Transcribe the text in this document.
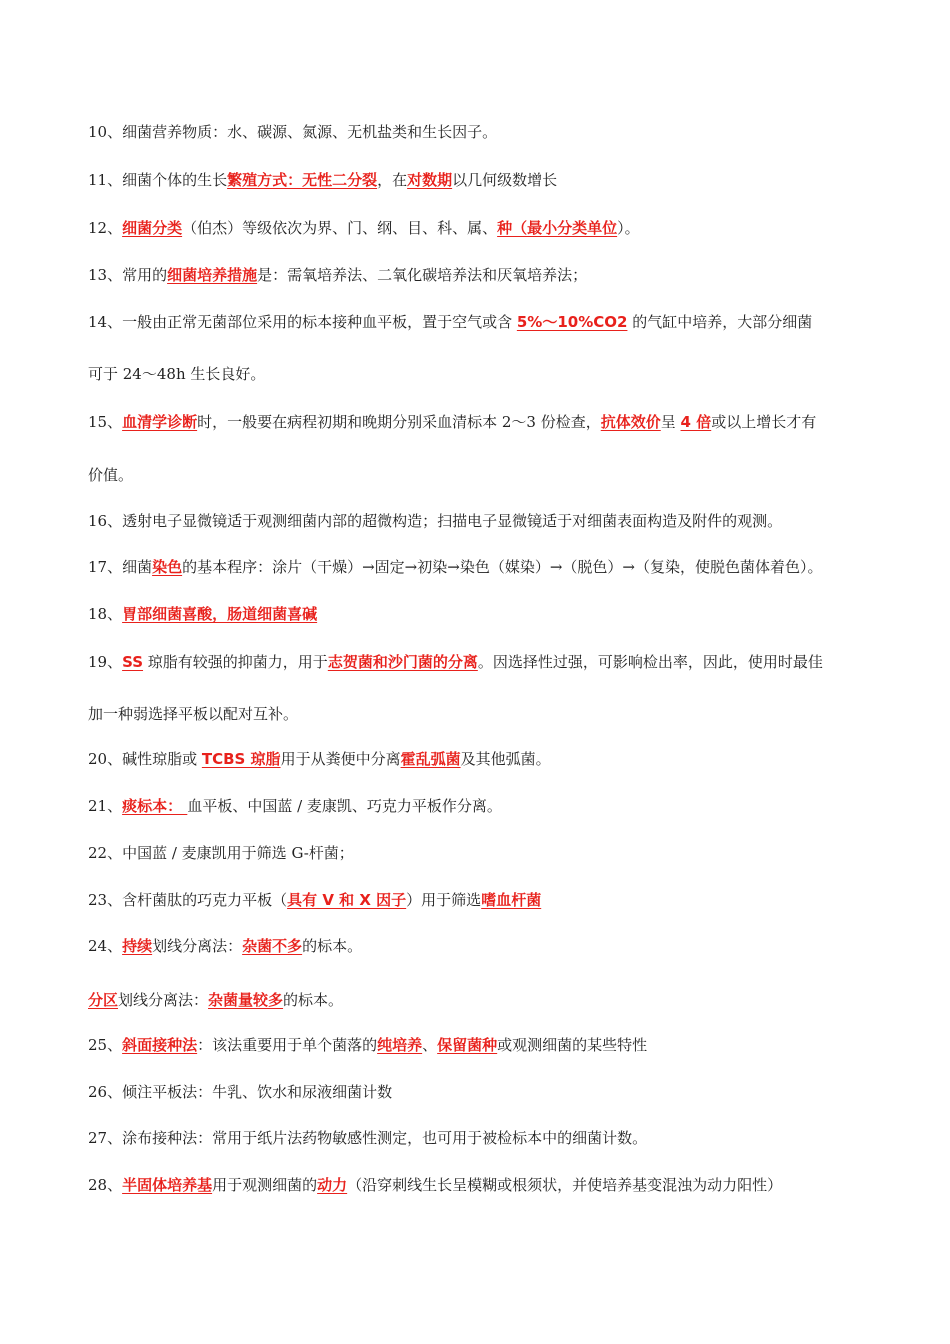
10、细菌营养物质：水、碳源、氮源、无机盐类和生长因子。
11、细菌个体的生长繁殖方式：无性二分裂，在对数期以几何级数增长
12、细菌分类（伯杰）等级依次为界、门、纲、目、科、属、种（最小分类单位）。
13、常用的细菌培养措施是：需氧培养法、二氧化碳培养法和厌氧培养法；
14、一般由正常无菌部位采用的标本接种血平板，置于空气或含 5%～10%CO2 的气缸中培养，大部分细菌
可于 24～48h 生长良好。
15、血清学诊断时，一般要在病程初期和晚期分别采血清标本 2～3 份检查，抗体效价呈 4 倍或以上增长才有
价值。
16、透射电子显微镜适于观测细菌内部的超微构造；扫描电子显微镜适于对细菌表面构造及附件的观测。
17、细菌染色的基本程序：涂片（干燥）→固定→初染→染色（媒染）→（脱色）→（复染，使脱色菌体着色）。
18、胃部细菌喜酸，肠道细菌喜碱
19、SS 琼脂有较强的抑菌力，用于志贺菌和沙门菌的分离。因选择性过强，可影响检出率，因此，使用时最佳
加一种弱选择平板以配对互补。
20、碱性琼脂或 TCBS 琼脂用于从粪便中分离霍乱弧菌及其他弧菌。
21、痰标本： 血平板、中国蓝 / 麦康凯、巧克力平板作分离。
22、中国蓝 / 麦康凯用于筛选 G-杆菌；
23、含杆菌肽的巧克力平板（具有 V 和 X 因子）用于筛选嗜血杆菌
24、持续划线分离法：杂菌不多的标本。
分区划线分离法：杂菌量较多的标本。
25、斜面接种法：该法重要用于单个菌落的纯培养、保留菌种或观测细菌的某些特性
26、倾注平板法：牛乳、饮水和尿液细菌计数
27、涂布接种法：常用于纸片法药物敏感性测定，也可用于被检标本中的细菌计数。
28、半固体培养基用于观测细菌的动力（沿穿刺线生长呈模糊或根须状，并使培养基变混浊为动力阳性）
